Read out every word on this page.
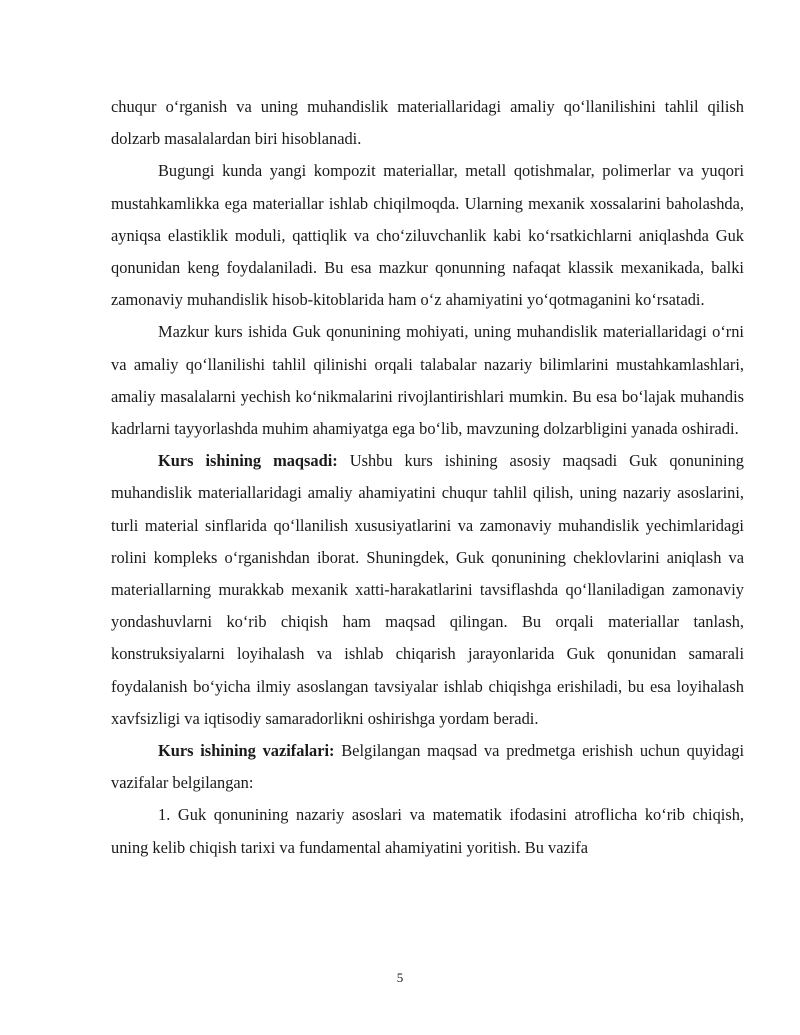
chuqur o‘rganish va uning muhandislik materiallaridagi amaliy qo‘llanilishini tahlil qilish dolzarb masalalardan biri hisoblanadi.

Bugungi kunda yangi kompozit materiallar, metall qotishmalar, polimerlar va yuqori mustahkamlikka ega materiallar ishlab chiqilmoqda. Ularning mexanik xossalarini baholashda, ayniqsa elastiklik moduli, qattiqlik va cho‘ziluvchanlik kabi ko‘rsatkichlarni aniqlashda Guk qonunidan keng foydalaniladi. Bu esa mazkur qonunning nafaqat klassik mexanikada, balki zamonaviy muhandislik hisob-kitoblarida ham o‘z ahamiyatini yo‘qotmaganini ko‘rsatadi.

Mazkur kurs ishida Guk qonunining mohiyati, uning muhandislik materiallaridagi o‘rni va amaliy qo‘llanilishi tahlil qilinishi orqali talabalar nazariy bilimlarini mustahkamlashlari, amaliy masalalarni yechish ko‘nikmalarini rivojlantirishlari mumkin. Bu esa bo‘lajak muhandis kadrlarni tayyorlashda muhim ahamiyatga ega bo‘lib, mavzuning dolzarbligini yanada oshiradi.

Kurs ishining maqsadi: Ushbu kurs ishining asosiy maqsadi Guk qonunining muhandislik materiallaridagi amaliy ahamiyatini chuqur tahlil qilish, uning nazariy asoslarini, turli material sinflarida qo‘llanilish xususiyatlarini va zamonaviy muhandislik yechimlaridagi rolini kompleks o‘rganishdan iborat. Shuningdek, Guk qonunining cheklovlarini aniqlash va materiallarning murakkab mexanik xatti-harakatlarini tavsiflashda qo‘llaniladigan zamonaviy yondashuvlarni ko‘rib chiqish ham maqsad qilingan. Bu orqali materiallar tanlash, konstruksiyalarni loyihalash va ishlab chiqarish jarayonlarida Guk qonunidan samarali foydalanish bo‘yicha ilmiy asoslangan tavsiyalar ishlab chiqishga erishiladi, bu esa loyihalash xavfsizligi va iqtisodiy samaradorlikni oshirishga yordam beradi.

Kurs ishining vazifalari: Belgilangan maqsad va predmetga erishish uchun quyidagi vazifalar belgilangan:

1. Guk qonunining nazariy asoslari va matematik ifodasini atroflicha ko‘rib chiqish, uning kelib chiqish tarixi va fundamental ahamiyatini yoritish. Bu vazifa

5
